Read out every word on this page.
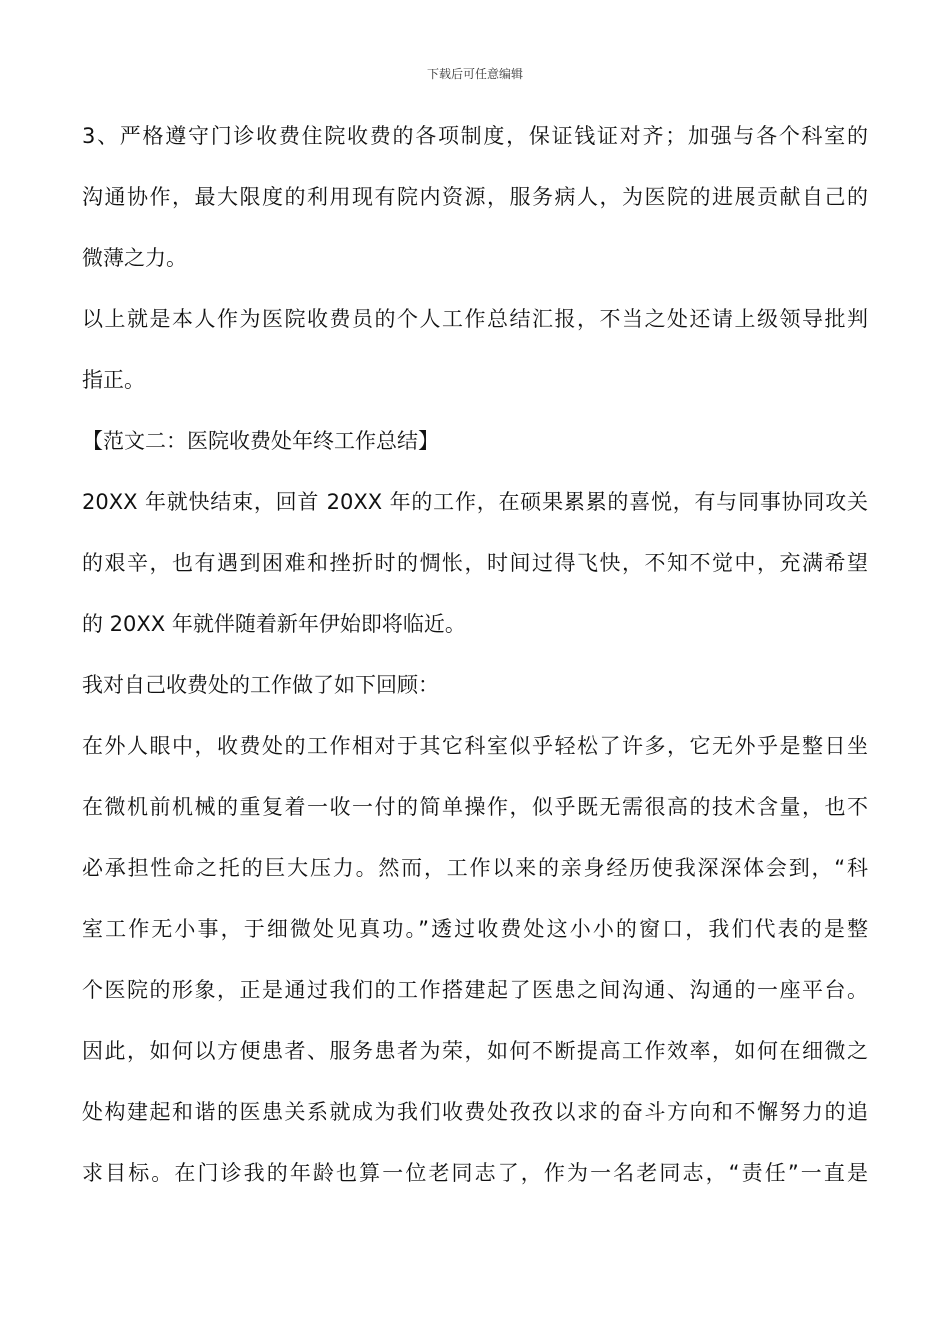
下载后可任意编辑
3、严格遵守门诊收费住院收费的各项制度，保证钱证对齐；加强与各个科室的
沟通协作，最大限度的利用现有院内资源，服务病人，为医院的进展贡献自己的
微薄之力。
以上就是本人作为医院收费员的个人工作总结汇报，不当之处还请上级领导批判
指正。
【范文二：医院收费处年终工作总结】
20XX 年就快结束，回首 20XX 年的工作，在硕果累累的喜悦，有与同事协同攻关
的艰辛，也有遇到困难和挫折时的惆怅，时间过得飞快，不知不觉中，充满希望
的 20XX 年就伴随着新年伊始即将临近。
我对自己收费处的工作做了如下回顾：
在外人眼中，收费处的工作相对于其它科室似乎轻松了许多，它无外乎是整日坐
在微机前机械的重复着一收一付的简单操作，似乎既无需很高的技术含量，也不
必承担性命之托的巨大压力。然而，工作以来的亲身经历使我深深体会到，“科
室工作无小事，于细微处见真功。”透过收费处这小小的窗口，我们代表的是整
个医院的形象，正是通过我们的工作搭建起了医患之间沟通、沟通的一座平台。
因此，如何以方便患者、服务患者为荣，如何不断提高工作效率，如何在细微之
处构建起和谐的医患关系就成为我们收费处孜孜以求的奋斗方向和不懈努力的追
求目标。在门诊我的年龄也算一位老同志了，作为一名老同志，“责任”一直是
